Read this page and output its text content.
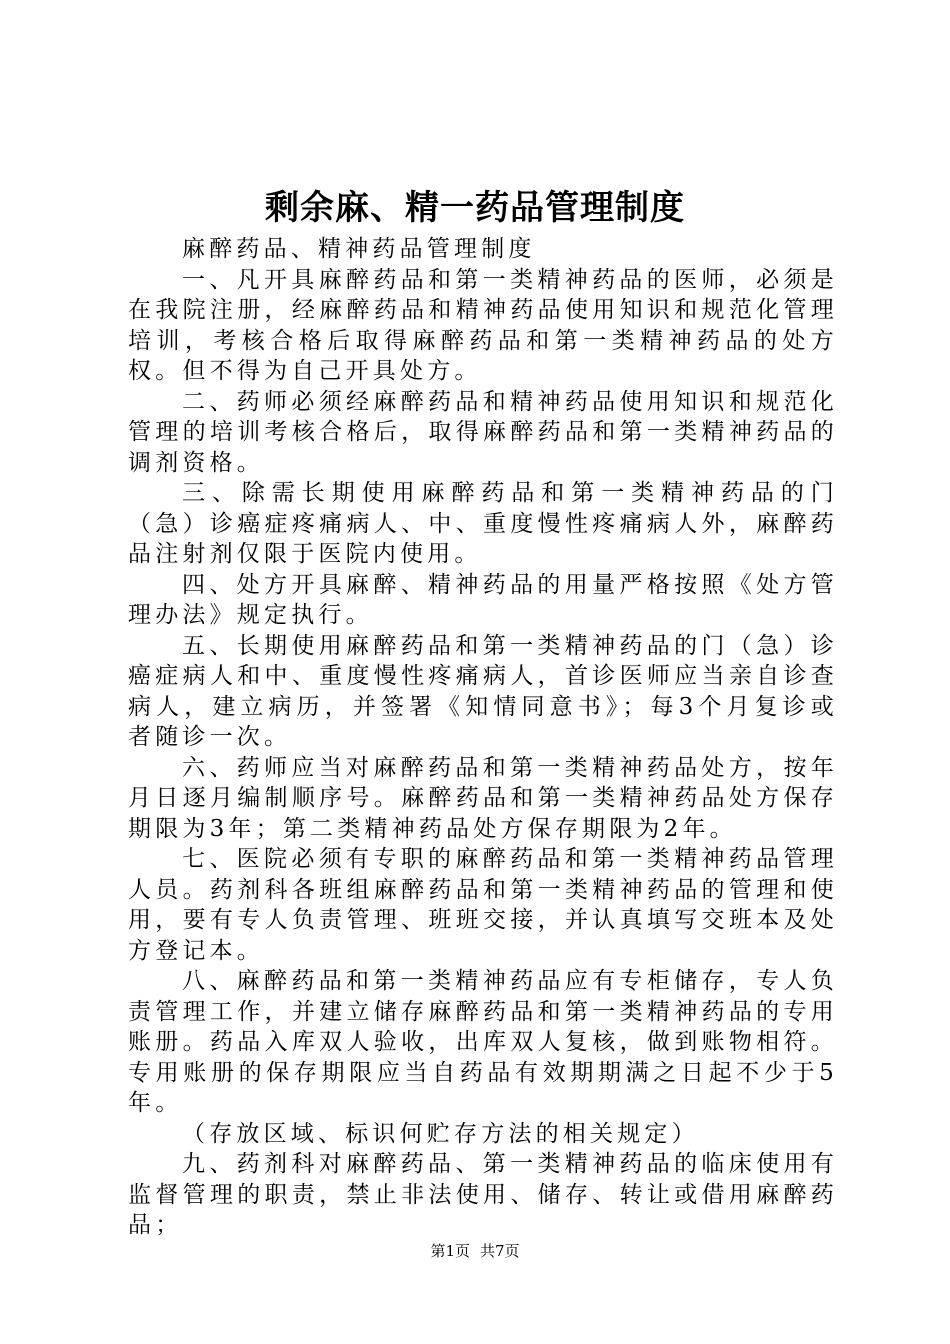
剩余麻、精一药品管理制度

麻醉药品、精神药品管理制度

一、凡开具麻醉药品和第一类精神药品的医师，必须是在我院注册，经麻醉药品和精神药品使用知识和规范化管理培训，考核合格后取得麻醉药品和第一类精神药品的处方权。但不得为自己开具处方。

二、药师必须经麻醉药品和精神药品使用知识和规范化管理的培训考核合格后，取得麻醉药品和第一类精神药品的调剂资格。

三、除需长期使用麻醉药品和第一类精神药品的门（急）诊癌症疼痛病人、中、重度慢性疼痛病人外，麻醉药品注射剂仅限于医院内使用。

四、处方开具麻醉、精神药品的用量严格按照《处方管理办法》规定执行。

五、长期使用麻醉药品和第一类精神药品的门（急）诊癌症病人和中、重度慢性疼痛病人，首诊医师应当亲自诊查病人，建立病历，并签署《知情同意书》；每3个月复诊或者随诊一次。

六、药师应当对麻醉药品和第一类精神药品处方，按年月日逐月编制顺序号。麻醉药品和第一类精神药品处方保存期限为3年；第二类精神药品处方保存期限为2年。

七、医院必须有专职的麻醉药品和第一类精神药品管理人员。药剂科各班组麻醉药品和第一类精神药品的管理和使用，要有专人负责管理、班班交接，并认真填写交班本及处方登记本。

八、麻醉药品和第一类精神药品应有专柜储存，专人负责管理工作，并建立储存麻醉药品和第一类精神药品的专用账册。药品入库双人验收，出库双人复核，做到账物相符。专用账册的保存期限应当自药品有效期期满之日起不少于5年。

（存放区域、标识何贮存方法的相关规定）

九、药剂科对麻醉药品、第一类精神药品的临床使用有监督管理的职责，禁止非法使用、储存、转让或借用麻醉药品；

第1页 共7页
